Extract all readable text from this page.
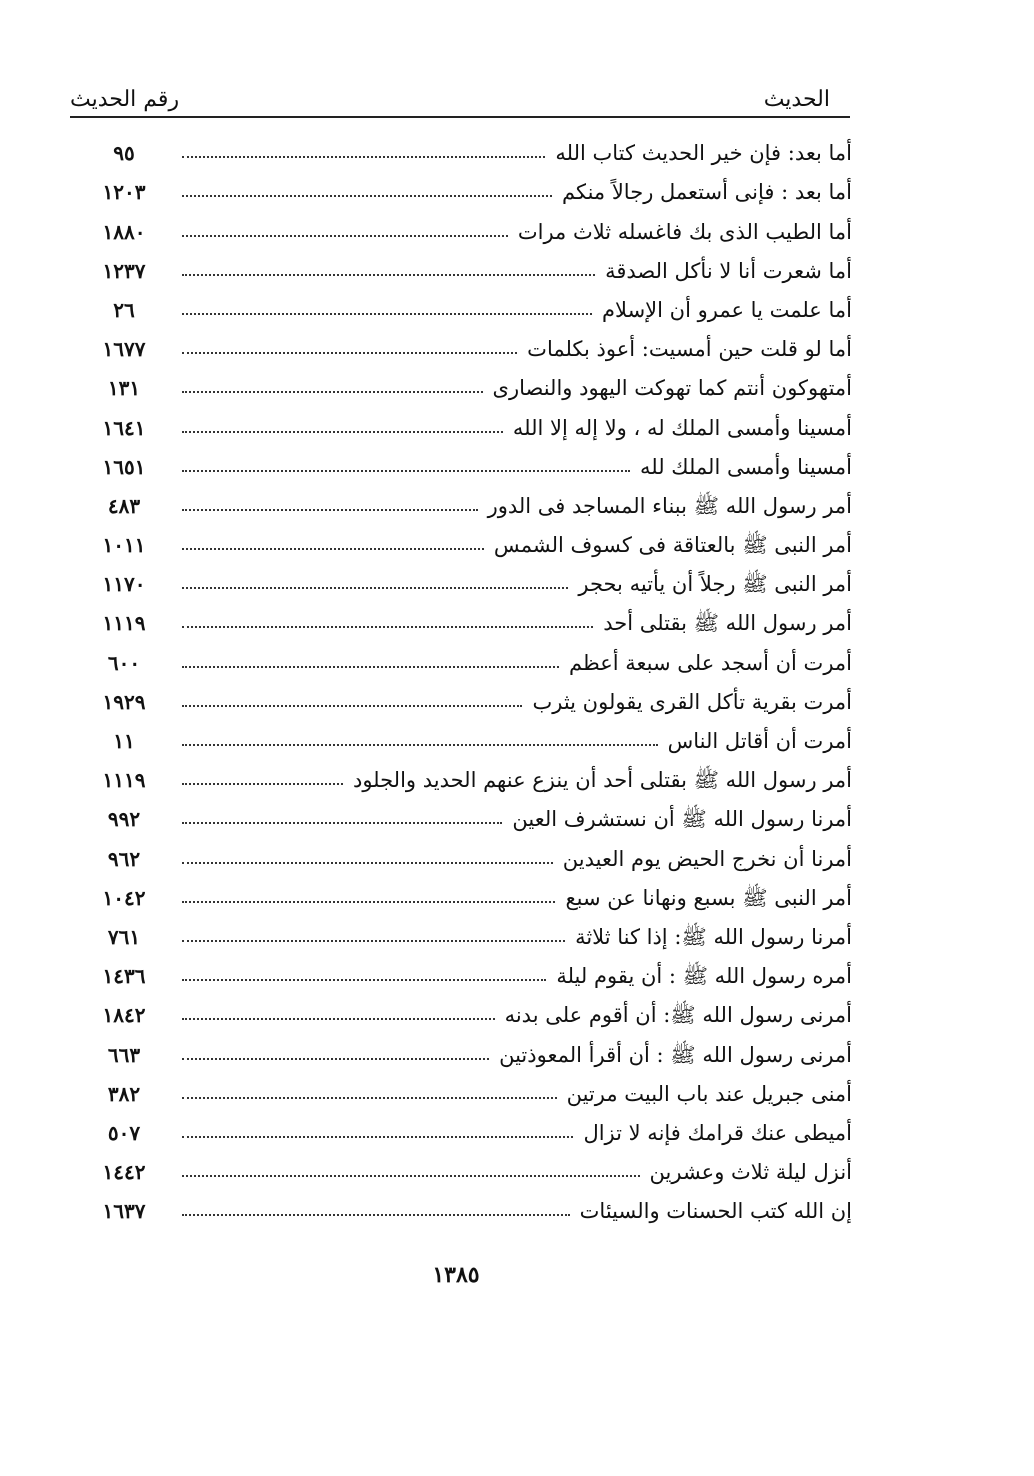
الحديث
رقم الحديث
أما بعد: فإن خير الحديث كتاب الله
٩٥
أما بعد : فإنى أستعمل رجالاً منكم
١٢٠٣
أما الطيب الذى بك فاغسله ثلاث مرات
١٨٨٠
أما شعرت أنا لا نأكل الصدقة
١٢٣٧
أما علمت يا عمرو أن الإسلام
٢٦
أما لو قلت حين أمسيت: أعوذ بكلمات
١٦٧٧
أمتهوكون أنتم كما تهوكت اليهود والنصارى
١٣١
أمسينا وأمسى الملك له ، ولا إله إلا الله
١٦٤١
أمسينا وأمسى الملك لله
١٦٥١
أمر رسول الله ﷺ ببناء المساجد فى الدور
٤٨٣
أمر النبى ﷺ بالعتاقة فى كسوف الشمس
١٠١١
أمر النبى ﷺ رجلاً أن يأتيه بحجر
١١٧٠
أمر رسول الله ﷺ بقتلى أحد
١١١٩
أمرت أن أسجد على سبعة أعظم
٦٠٠
أمرت بقرية تأكل القرى يقولون يثرب
١٩٢٩
أمرت أن أقاتل الناس
١١
أمر رسول الله ﷺ بقتلى أحد أن ينزع عنهم الحديد والجلود
١١١٩
أمرنا رسول الله ﷺ أن نستشرف العين
٩٩٢
أمرنا أن نخرج الحيض يوم العيدين
٩٦٢
أمر النبى ﷺ بسبع ونهانا عن سبع
١٠٤٢
أمرنا رسول الله ﷺ: إذا كنا ثلاثة
٧٦١
أمره رسول الله ﷺ : أن يقوم ليلة
١٤٣٦
أمرنى رسول الله ﷺ: أن أقوم على بدنه
١٨٤٢
أمرنى رسول الله ﷺ : أن أقرأ المعوذتين
٦٦٣
أمنى جبريل عند باب البيت مرتين
٣٨٢
أميطى عنك قرامك فإنه لا تزال
٥٠٧
أنزل ليلة ثلاث وعشرين
١٤٤٢
إن الله كتب الحسنات والسيئات
١٦٣٧
١٣٨٥
